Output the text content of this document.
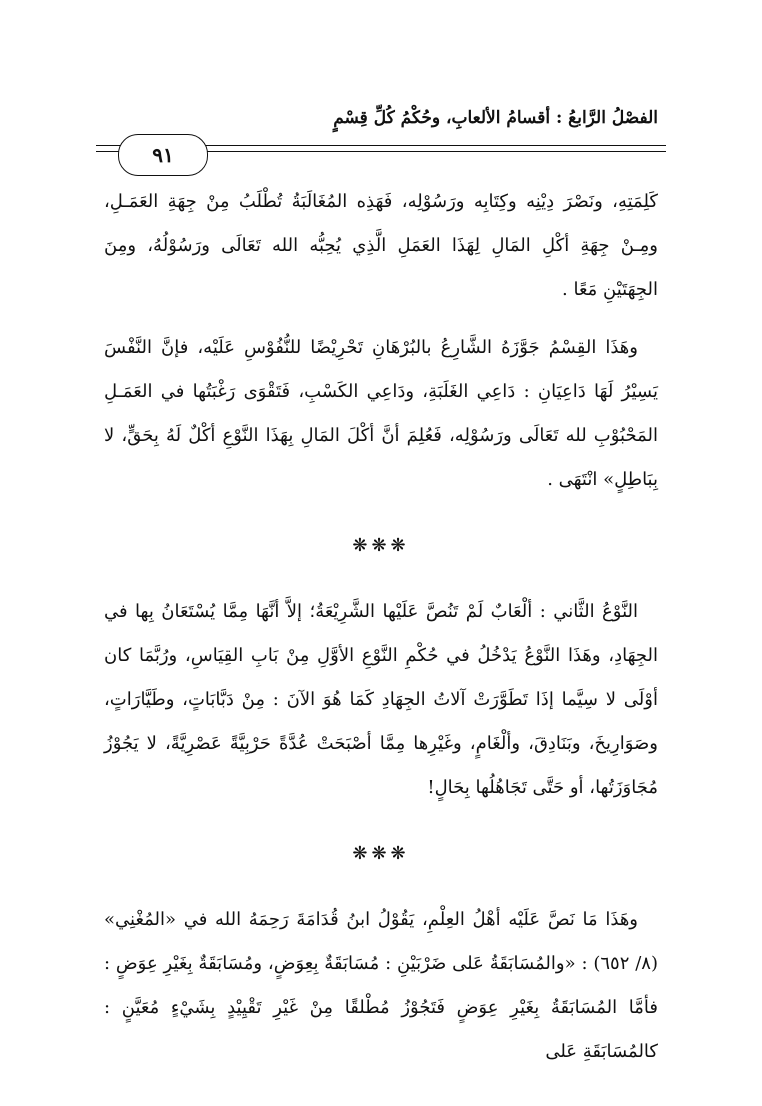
الفصْلُ الرَّابعُ : أقسامُ الألعابِ، وحُكْمُ كُلِّ قِسْمٍ
٩١

كَلِمَتِهِ، ونَصْرَ دِيْنِه وكِتَابِه ورَسُوْلِه، فَهَذِه المُغَالَبَةُ تُطْلَبُ مِنْ جِهَةِ العَمَـلِ، ومِـنْ جِهَةِ أكْلِ المَالِ لِهَذَا العَمَلِ الَّذِي يُحِبُّه الله تَعَالَى ورَسُوْلُهُ، ومِنَ الجِهَتَيْنِ مَعًا .

وهَذَا القِسْمُ جَوَّزَهُ الشَّارِعُ بالبُرْهَانِ تَحْرِيْضًا للنُّفُوْسِ عَلَيْه، فإنَّ النَّفْسَ يَسِيْرُ لَهَا دَاعِيَانِ : دَاعِي الغَلَبَةِ، ودَاعِي الكَسْبِ، فَتَقْوَى رَغْبَتُها في العَمَـلِ المَحْبُوْبِ لله تَعَالَى ورَسُوْلِه، فَعُلِمَ أنَّ أكْلَ المَالِ بِهَذَا النَّوْعِ أكْلٌ لَهُ بِحَقٍّ، لا بِبَاطِلٍ» انْتَهَى .

❋❋❋

النَّوْعُ الثَّاني : ألْعَابٌ لَمْ تَنُصَّ عَلَيْها الشَّرِيْعَةُ؛ إلاَّ أنَّهَا مِمَّا يُسْتَعَانُ بِها في الجِهَادِ، وهَذَا النَّوْعُ يَدْخُلُ في حُكْمِ النَّوْعِ الأوَّلِ مِنْ بَابِ القِيَاسِ، ورُبَّمَا كان أوْلَى لا سِيَّما إذَا تَطَوَّرَتْ آلاتُ الجِهَادِ كَمَا هُوَ الآنَ : مِنْ دَبَّابَاتٍ، وطَيَّارَاتٍ، وصَوَارِيخَ، وبَنَادِقَ، وألْغَامٍ، وغَيْرِها مِمَّا أصْبَحَتْ عُدَّةً حَرْبِيَّةً عَصْرِيَّةً، لا يَجُوْزُ مُجَاوَزَتُها، أو حَتَّى تَجَاهُلُها بِحَالٍ!

❋❋❋

وهَذَا مَا نَصَّ عَلَيْه أهْلُ العِلْمِ، يَقُوْلُ ابنُ قُدَامَةَ رَحِمَهُ الله في «المُغْنِي» (٨/ ٦٥٢) : «والمُسَابَقَةُ عَلى ضَرْبَيْنِ : مُسَابَقَةٌ بِعِوَضٍ، ومُسَابَقَةٌ بِغَيْرِ عِوَضٍ : فأمَّا المُسَابَقَةُ بِغَيْرِ عِوَضٍ فَتَجُوْزُ مُطْلقًا مِنْ غَيْرِ تَقْيِيْدٍ بِشَيْءٍ مُعَيَّنٍ : كالمُسَابَقَةِ عَلى
